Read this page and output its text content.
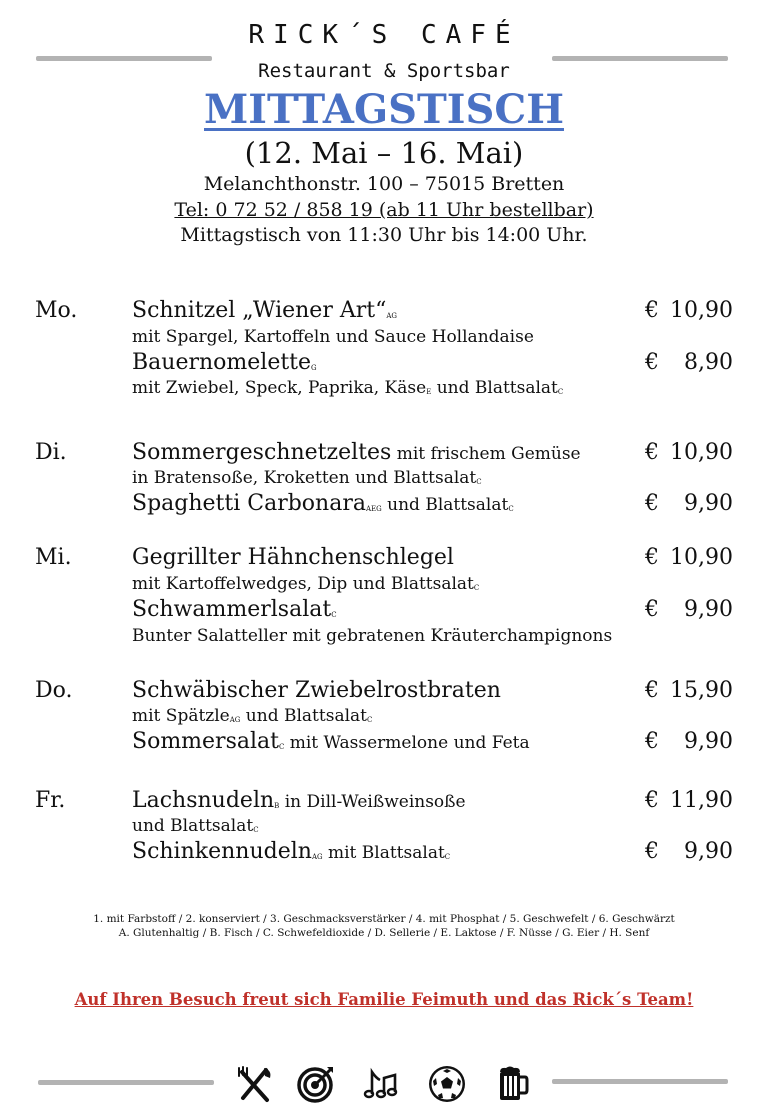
RICK´S CAFÉ
Restaurant & Sportsbar
MITTAGSTISCH
(12. Mai – 16. Mai)
Melanchthonstr. 100 – 75015 Bretten
Tel: 0 72 52 / 858 19 (ab 11 Uhr bestellbar)
Mittagstisch von 11:30 Uhr bis 14:00 Uhr.
Mo. Schnitzel „Wiener Art“AG	€ 10,90
mit Spargel, Kartoffeln und Sauce Hollandaise
BauernomeletteG	€ 8,90
mit Zwiebel, Speck, Paprika, KäseE und BlattsalatC
Di.	Sommergeschnetzeltes mit frischem Gemüse	€ 10,90
in Bratensoße, Kroketten und BlattsalatC
Spaghetti CarbonaraAEG und BlattsalatC	€ 9,90
Mi.	Gegrillter Hähnchenschlegel	€ 10,90
mit Kartoffelwedges, Dip und BlattsalatC
SchwammerlsalatC	€ 9,90
Bunter Salatteller mit gebratenen Kräuterchampignons
Do.	Schwäbischer Zwiebelrostbraten	€ 15,90
mit SpätzleAG und BlattsalatC
SommersalatC mit Wassermelone und Feta	€ 9,90
Fr.	LachsnudelnB in Dill-Weißweinsoße	€ 11,90
und BlattsalatC
SchinkennudelnAG mit BlattsalatC	€ 9,90
1. mit Farbstoff / 2. konserviert / 3. Geschmacksverstärker / 4. mit Phosphat / 5. Geschwefelt / 6. Geschwärzt
A. Glutenhaltig / B. Fisch / C. Schwefeldioxide / D. Sellerie / E. Laktose / F. Nüsse / G. Eier / H. Senf
Auf Ihren Besuch freut sich Familie Feimuth und das Rick´s Team!
